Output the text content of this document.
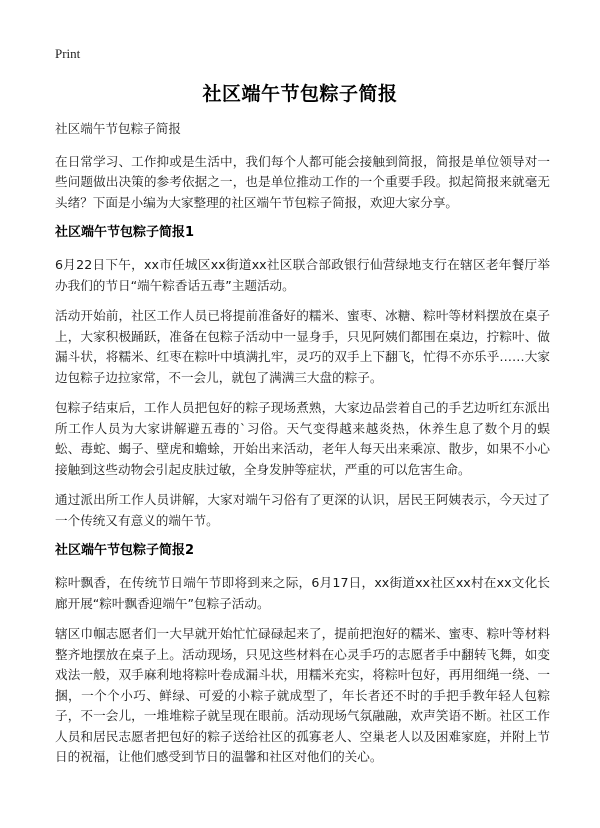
Print
社区端午节包粽子简报

社区端午节包粽子简报

在日常学习、工作抑或是生活中，我们每个人都可能会接触到简报，简报是单位领导对一些问题做出决策的参考依据之一，也是单位推动工作的一个重要手段。拟起简报来就毫无头绪？下面是小编为大家整理的社区端午节包粽子简报，欢迎大家分享。

社区端午节包粽子简报1

6月22日下午，xx市任城区xx街道xx社区联合部政银行仙营绿地支行在辖区老年餐厅举办我们的节日“端午粽香话五毒”主题活动。

活动开始前，社区工作人员已将提前准备好的糯米、蜜枣、冰糖、粽叶等材料摆放在桌子上，大家积极踊跃，准备在包粽子活动中一显身手，只见阿姨们都围在桌边，拧粽叶、做漏斗状，将糯米、红枣在粽叶中填满扎牢，灵巧的双手上下翻飞，忙得不亦乐乎……大家边包粽子边拉家常，不一会儿，就包了满满三大盘的粽子。

包粽子结束后，工作人员把包好的粽子现场煮熟，大家边品尝着自己的手艺边听红东派出所工作人员为大家讲解避五毒的`习俗。天气变得越来越炎热，休养生息了数个月的蜈蚣、毒蛇、蝎子、壁虎和蟾蜍，开始出来活动，老年人每天出来乘凉、散步，如果不小心接触到这些动物会引起皮肤过敏，全身发肿等症状，严重的可以危害生命。

通过派出所工作人员讲解，大家对端午习俗有了更深的认识，居民王阿姨表示，今天过了一个传统又有意义的端午节。

社区端午节包粽子简报2

粽叶飘香，在传统节日端午节即将到来之际，6月17日，xx街道xx社区xx村在xx文化长廊开展“粽叶飘香迎端午”包粽子活动。

辖区巾帼志愿者们一大早就开始忙忙碌碌起来了，提前把泡好的糯米、蜜枣、粽叶等材料整齐地摆放在桌子上。活动现场，只见这些材料在心灵手巧的志愿者手中翻转飞舞，如变戏法一般，双手麻利地将粽叶卷成漏斗状，用糯米充实，将粽叶包好，再用细绳一绕、一捆，一个个小巧、鲜绿、可爱的小粽子就成型了，年长者还不时的手把手教年轻人包粽子，不一会儿，一堆堆粽子就呈现在眼前。活动现场气氛融融，欢声笑语不断。社区工作人员和居民志愿者把包好的粽子送给社区的孤寡老人、空巢老人以及困难家庭，并附上节日的祝福，让他们感受到节日的温馨和社区对他们的关心。
